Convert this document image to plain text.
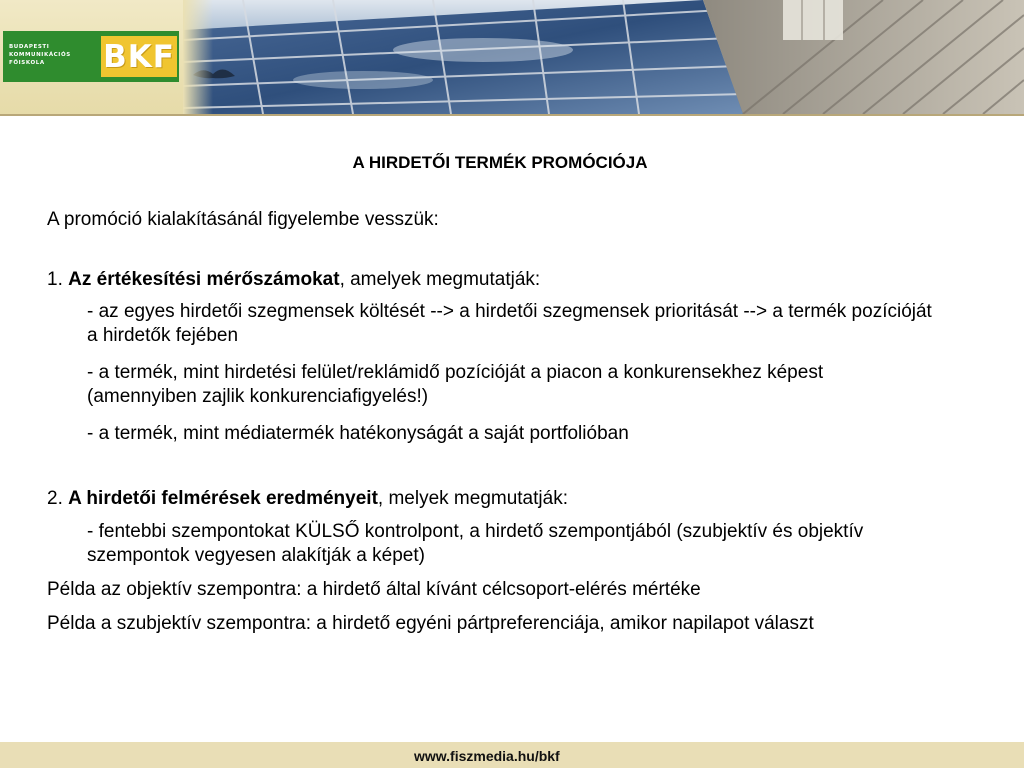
BUDAPESTI
KOMMUNIKÁCIÓS
FŐISKOLA	BKF
A HIRDETŐI TERMÉK PROMÓCIÓJA
A promóció kialakításánál figyelembe vesszük:
1. Az értékesítési mérőszámokat, amelyek megmutatják:
- az egyes hirdetői szegmensek költését --> a hirdetői szegmensek prioritását --> a termék pozícióját a hirdetők fejében
- a termék, mint hirdetési felület/reklámidő pozícióját a piacon a konkurensekhez képest (amennyiben zajlik konkurenciafigyelés!)
- a termék, mint médiatermék hatékonyságát a saját portfolióban
2. A hirdetői felmérések eredményeit, melyek megmutatják:
- fentebbi szempontokat KÜLSŐ kontrolpont, a hirdető szempontjából (szubjektív és objektív szempontok vegyesen alakítják a képet)
Példa az objektív szempontra: a hirdető által kívánt célcsoport-elérés mértéke
Példa a szubjektív szempontra: a hirdető egyéni pártpreferenciája, amikor napilapot választ
www.fiszmedia.hu/bkf
